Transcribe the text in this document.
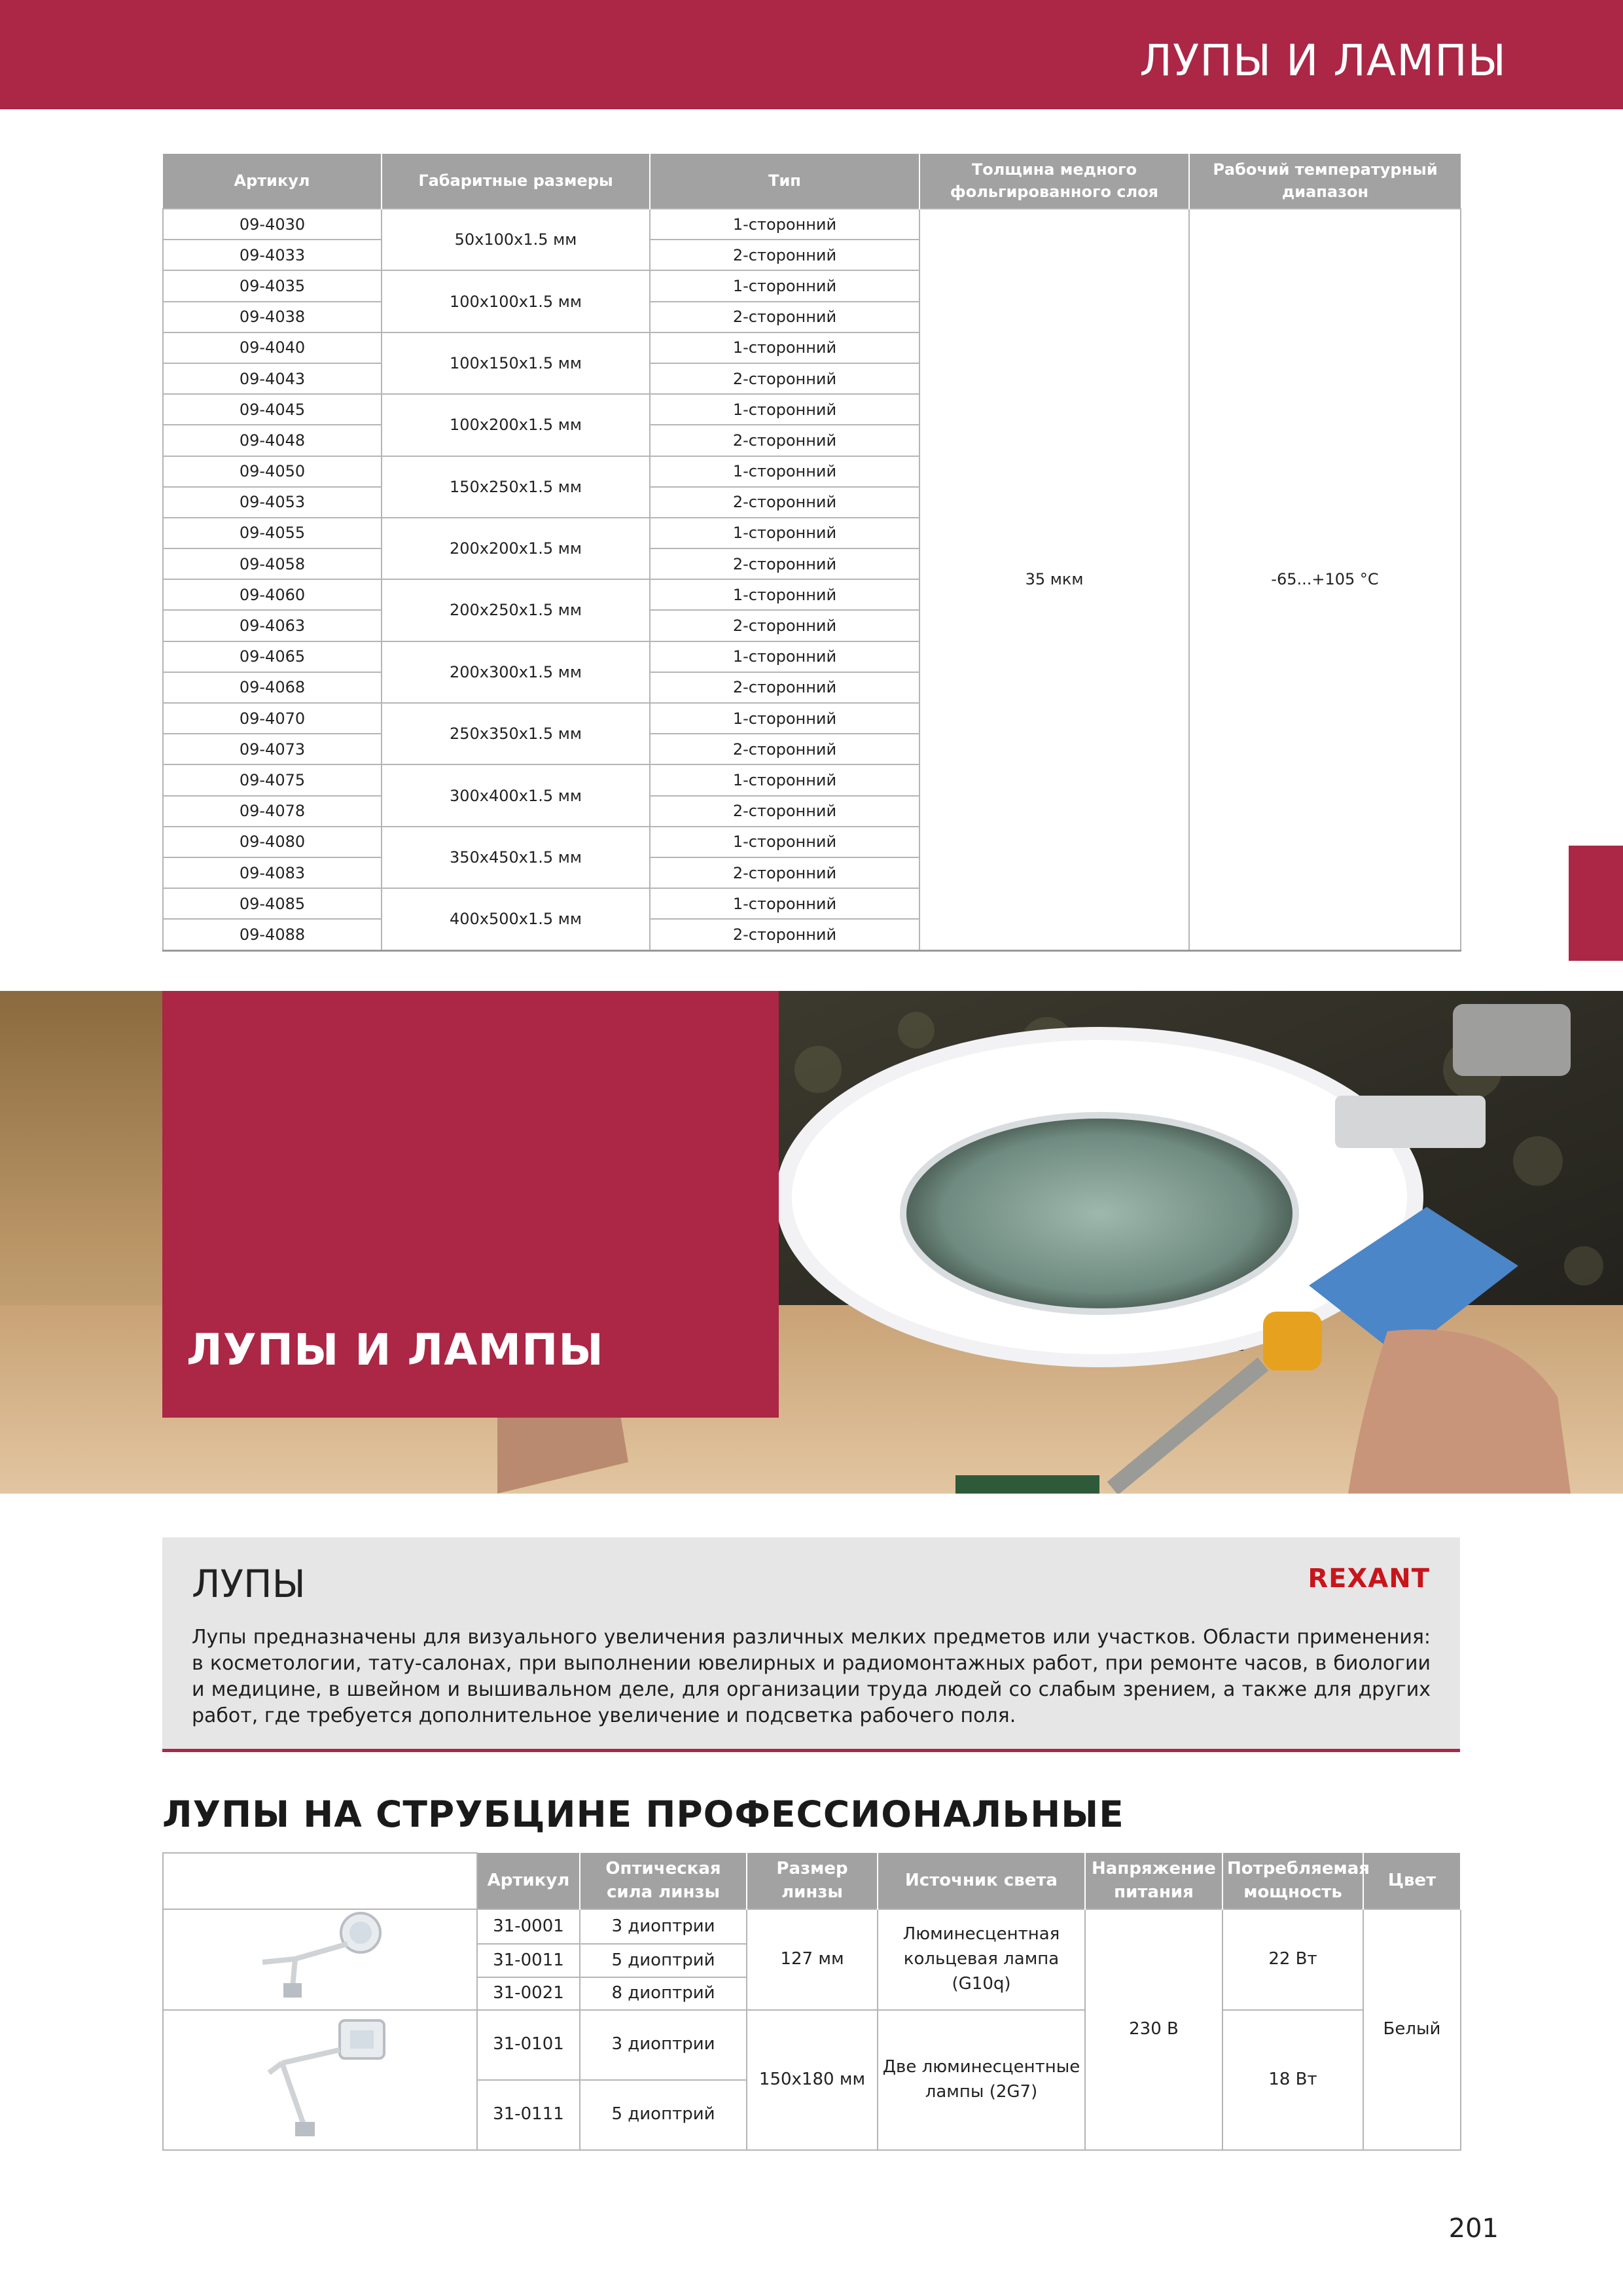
ЛУПЫ И ЛАМПЫ
Артикул	Габаритные размеры	Тип	Толщина медного фольгированного слоя	Рабочий температурный диапазон
09-4030	50х100х1.5 мм	1-сторонний	35 мкм	-65...+105 °С
09-4033		2-сторонний		
09-4035	100х100х1.5 мм	1-сторонний		
09-4038		2-сторонний		
09-4040	100х150х1.5 мм	1-сторонний		
09-4043		2-сторонний		
09-4045	100х200х1.5 мм	1-сторонний		
09-4048		2-сторонний		
09-4050	150х250х1.5 мм	1-сторонний		
09-4053		2-сторонний		
09-4055	200х200х1.5 мм	1-сторонний		
09-4058		2-сторонний		
09-4060	200х250х1.5 мм	1-сторонний		
09-4063		2-сторонний		
09-4065	200х300х1.5 мм	1-сторонний		
09-4068		2-сторонний		
09-4070	250х350х1.5 мм	1-сторонний		
09-4073		2-сторонний		
09-4075	300х400х1.5 мм	1-сторонний		
09-4078		2-сторонний		
09-4080	350х450х1.5 мм	1-сторонний		
09-4083		2-сторонний		
09-4085	400х500х1.5 мм	1-сторонний		
09-4088		2-сторонний		
ЛУПЫ И ЛАМПЫ
ЛУПЫ	REXANT
Лупы предназначены для визуального увеличения различных мелких предметов или участков. Области применения: в косметологии, тату-салонах, при выполнении ювелирных и радиомонтажных работ, при ремонте часов, в биологии и медицине, в швейном и вышивальном деле, для организации труда людей со слабым зрением, а также для других работ, где требуется дополнительное увеличение и подсветка рабочего поля.
ЛУПЫ НА СТРУБЦИНЕ ПРОФЕССИОНАЛЬНЫЕ
	Артикул	Оптическая сила линзы	Размер линзы	Источник света	Напряжение питания	Потребляемая мощность	Цвет
	31-0001	3 диоптрии	127 мм	Люминесцентная кольцевая лампа (G10q)	230 В	22 Вт	Белый
	31-0011	5 диоптрий					
	31-0021	8 диоптрий					
	31-0101	3 диоптрии	150х180 мм	Две люминесцентные лампы (2G7)		18 Вт	
	31-0111	5 диоптрий					
201
